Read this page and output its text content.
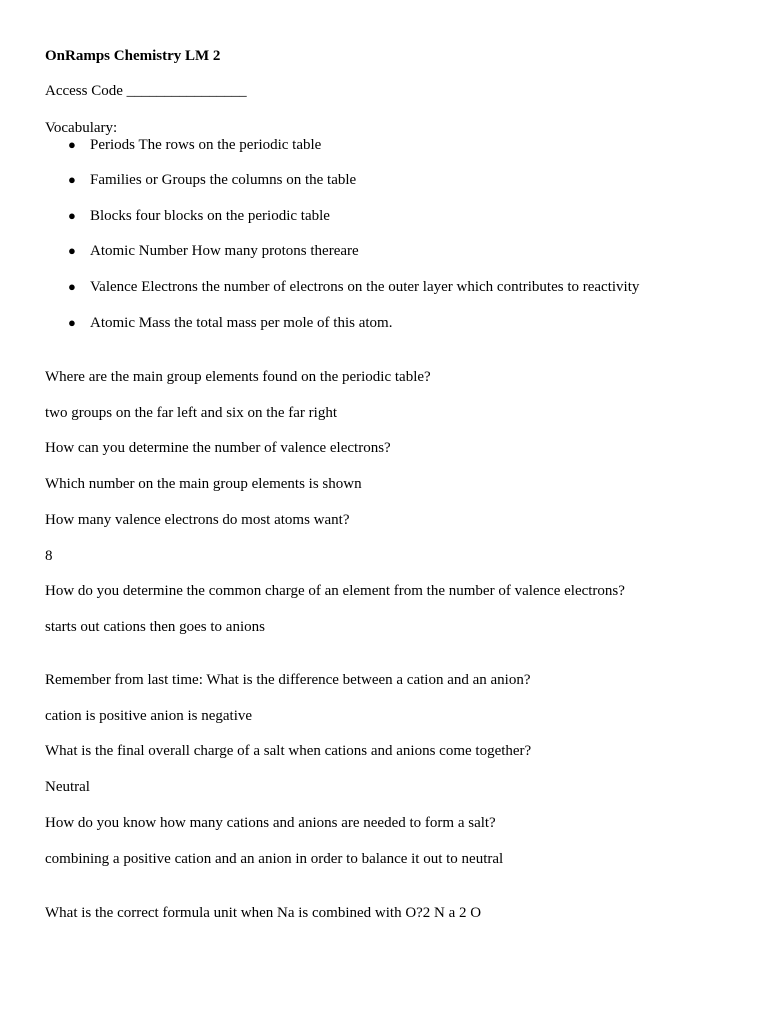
OnRamps Chemistry LM 2
Access Code ________________
Vocabulary:
● Periods The rows on the periodic table
● Families or Groups the columns on the table
● Blocks four blocks on the periodic table
● Atomic Number How many protons thereare
● Valence Electrons the number of electrons on the outer layer which contributes to reactivity
● Atomic Mass the total mass per mole of this atom.
Where are the main group elements found on the periodic table?
two groups on the far left and six on the far right
How can you determine the number of valence electrons?
Which number on the main group elements is shown
How many valence electrons do most atoms want?
8
How do you determine the common charge of an element from the number of valence electrons?
starts out cations then goes to anions
Remember from last time: What is the difference between a cation and an anion?
cation is positive anion is negative
What is the final overall charge of a salt when cations and anions come together?
Neutral
How do you know how many cations and anions are needed to form a salt?
combining a positive cation and an anion in order to balance it out to neutral
What is the correct formula unit when Na is combined with O?2 N a 2 O
